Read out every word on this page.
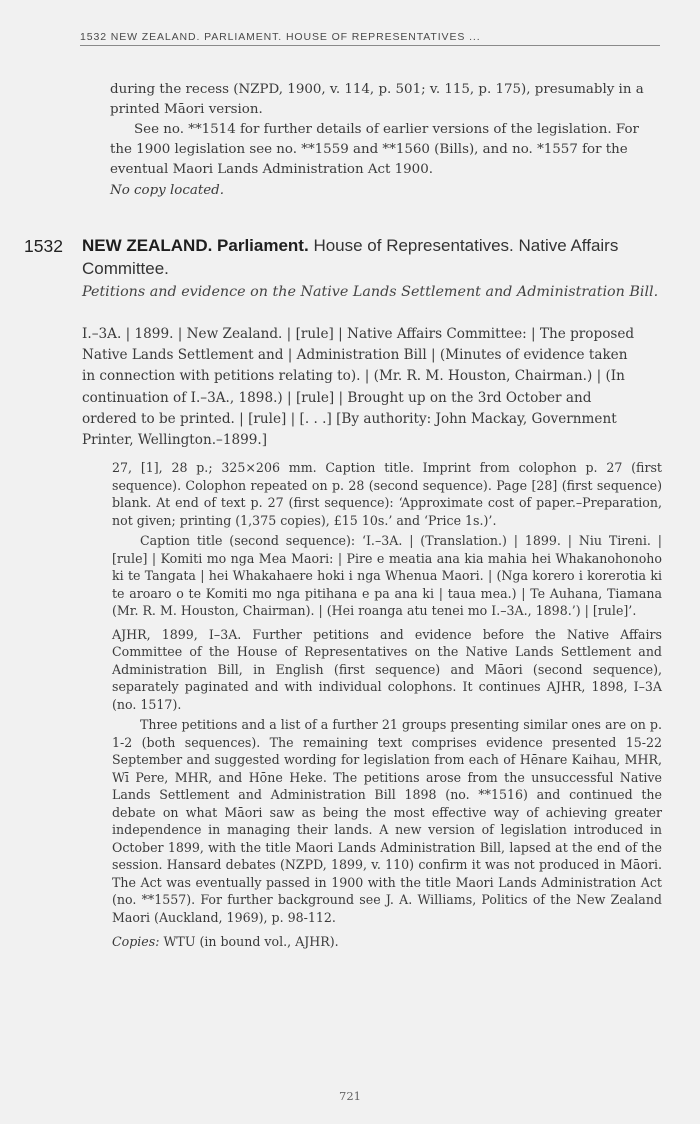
1532 NEW ZEALAND. PARLIAMENT. HOUSE OF REPRESENTATIVES ...

during the recess (NZPD, 1900, v. 114, p. 501; v. 115, p. 175), presumably in a printed Māori version.

See no. **1514 for further details of earlier versions of the legislation. For the 1900 legislation see no. **1559 and **1560 (Bills), and no. *1557 for the eventual Maori Lands Administration Act 1900.

No copy located.

1532 NEW ZEALAND. Parliament. House of Representatives. Native Affairs Committee.
Petitions and evidence on the Native Lands Settlement and Administration Bill.
I.–3A. | 1899. | New Zealand. | [rule] | Native Affairs Committee: | The proposed Native Lands Settlement and | Administration Bill | (Minutes of evidence taken in connection with petitions relating to). | (Mr. R. M. Houston, Chairman.) | (In continuation of I.–3A., 1898.) | [rule] | Brought up on the 3rd October and ordered to be printed. | [rule] | [. . .] [By authority: John Mackay, Government Printer, Wellington.–1899.]

27, [1], 28 p.; 325×206 mm. Caption title. Imprint from colophon p. 27 (first sequence). Colophon repeated on p. 28 (second sequence). Page [28] (first sequence) blank. At end of text p. 27 (first sequence): ‘Approximate cost of paper.–Preparation, not given; printing (1,375 copies), £15 10s.’ and ‘Price 1s.)’.

Caption title (second sequence): ‘I.–3A. | (Translation.) | 1899. | Niu Tireni. | [rule] | Komiti mo nga Mea Maori: | Pire e meatia ana kia mahia hei Whakanohonoho ki te Tangata | hei Whakahaere hoki i nga Whenua Maori. | (Nga korero i korerotia ki te aroaro o te Komiti mo nga pitihana e pa ana ki | taua mea.) | Te Auhana, Tiamana (Mr. R. M. Houston, Chairman). | (Hei roanga atu tenei mo I.–3A., 1898.’) | [rule]’.

AJHR, 1899, I–3A. Further petitions and evidence before the Native Affairs Committee of the House of Representatives on the Native Lands Settlement and Administration Bill, in English (first sequence) and Māori (second sequence), separately paginated and with individual colophons. It continues AJHR, 1898, I–3A (no. 1517).

Three petitions and a list of a further 21 groups presenting similar ones are on p. 1-2 (both sequences). The remaining text comprises evidence presented 15-22 September and suggested wording for legislation from each of Hēnare Kaihau, MHR, Wī Pere, MHR, and Hōne Heke. The petitions arose from the unsuccessful Native Lands Settlement and Administration Bill 1898 (no. **1516) and continued the debate on what Māori saw as being the most effective way of achieving greater independence in managing their lands. A new version of legislation introduced in October 1899, with the title Maori Lands Administration Bill, lapsed at the end of the session. Hansard debates (NZPD, 1899, v. 110) confirm it was not produced in Māori. The Act was eventually passed in 1900 with the title Maori Lands Administration Act (no. **1557). For further background see J. A. Williams, Politics of the New Zealand Maori (Auckland, 1969), p. 98-112.

Copies: WTU (in bound vol., AJHR).

721
